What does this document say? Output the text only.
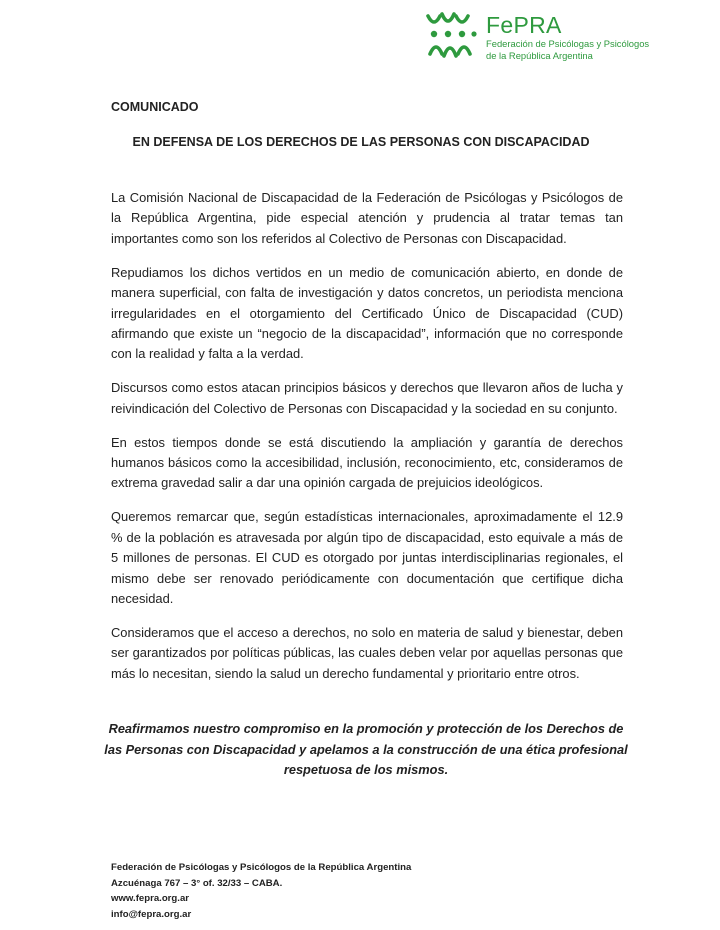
FePRA
Federación de Psicólogas y Psicólogos
de la República Argentina
COMUNICADO
EN DEFENSA DE LOS DERECHOS DE LAS PERSONAS CON DISCAPACIDAD

La Comisión Nacional de Discapacidad de la Federación de Psicólogas y Psicólogos de la República Argentina, pide especial atención y prudencia al tratar temas tan importantes como son los referidos al Colectivo de Personas con Discapacidad.

Repudiamos los dichos vertidos en un medio de comunicación abierto, en donde de manera superficial, con falta de investigación y datos concretos, un periodista menciona irregularidades en el otorgamiento del Certificado Único de Discapacidad (CUD) afirmando que existe un “negocio de la discapacidad”, información que no corresponde con la realidad y falta a la verdad.

Discursos como estos atacan principios básicos y derechos que llevaron años de lucha y reivindicación del Colectivo de Personas con Discapacidad y la sociedad en su conjunto.

En estos tiempos donde se está discutiendo la ampliación y garantía de derechos humanos básicos como la accesibilidad, inclusión, reconocimiento, etc, consideramos de extrema gravedad salir a dar una opinión cargada de prejuicios ideológicos.

Queremos remarcar que, según estadísticas internacionales, aproximadamente el 12.9 % de la población es atravesada por algún tipo de discapacidad, esto equivale a más de 5 millones de personas. El CUD es otorgado por juntas interdisciplinarias regionales, el mismo debe ser renovado periódicamente con documentación que certifique dicha necesidad.

Consideramos que el acceso a derechos, no solo en materia de salud y bienestar, deben ser garantizados por políticas públicas, las cuales deben velar por aquellas personas que más lo necesitan, siendo la salud un derecho fundamental y prioritario entre otros.

Reafirmamos nuestro compromiso en la promoción y protección de los Derechos de
las Personas con Discapacidad y apelamos a la construcción de una ética profesional
respetuosa de los mismos.
Federación de Psicólogas y Psicólogos de la República Argentina
Azcuénaga 767 – 3° of. 32/33 – CABA.
www.fepra.org.ar
info@fepra.org.ar
